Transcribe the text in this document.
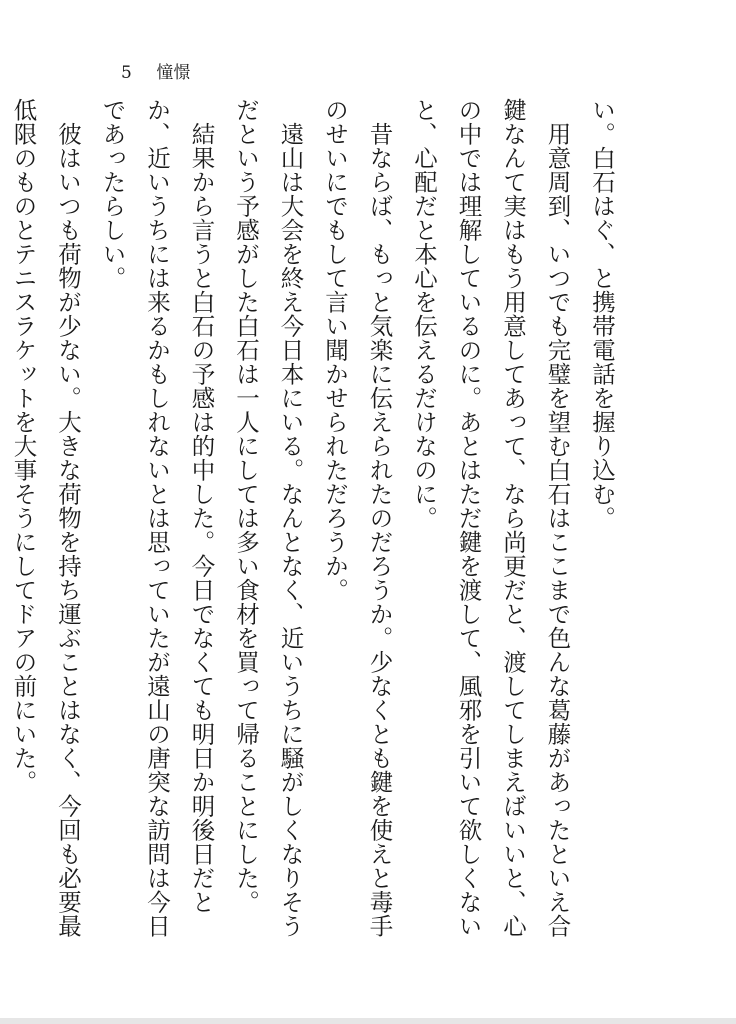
5 憧憬

い。白石はぐ、と携帯電話を握り込む。

　用意周到、いつでも完璧を望む白石はここまで色んな葛藤があったといえ合鍵なんて実はもう用意してあって、なら尚更だと、渡してしまえばいいと、心の中では理解しているのに。あとはただ鍵を渡して、風邪を引いて欲しくないと、心配だと本心を伝えるだけなのに。

　昔ならば、もっと気楽に伝えられたのだろうか。少なくとも鍵を使えと毒手のせいにでもして言い聞かせられただろうか。

　遠山は大会を終え今日本にいる。なんとなく、近いうちに騒がしくなりそうだという予感がした白石は一人にしては多い食材を買って帰ることにした。

　結果から言うと白石の予感は的中した。今日でなくても明日か明後日だとか、近いうちには来るかもしれないとは思っていたが遠山の唐突な訪問は今日であったらしい。

　彼はいつも荷物が少ない。大きな荷物を持ち運ぶことはなく、今回も必要最低限のものとテニスラケットを大事そうにしてドアの前にいた。
